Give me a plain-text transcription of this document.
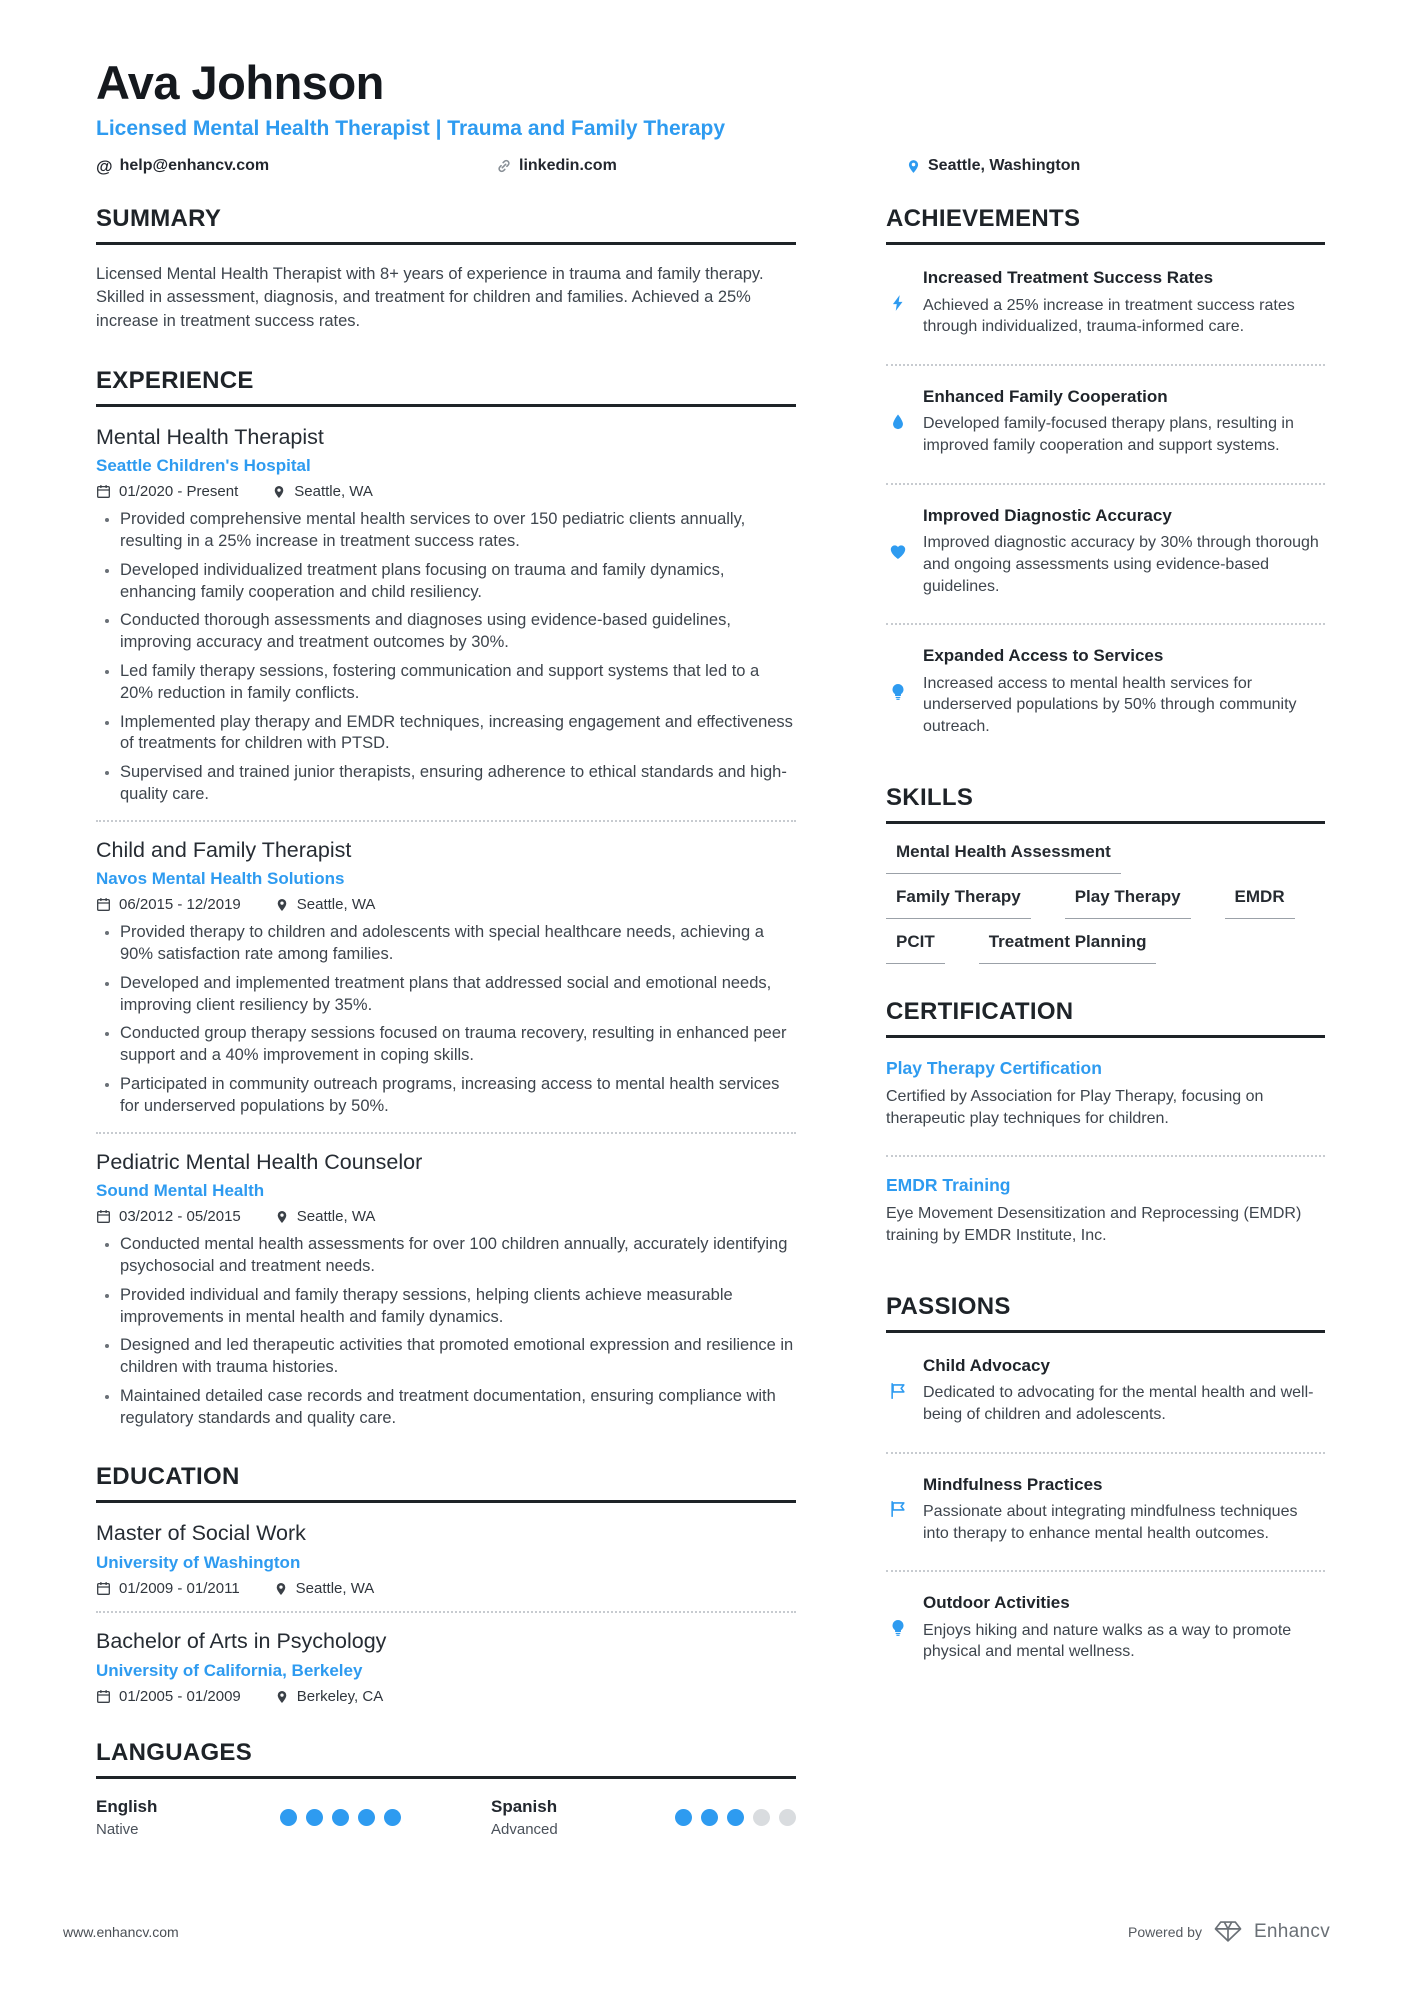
Ava Johnson
Licensed Mental Health Therapist | Trauma and Family Therapy
@ help@enhancv.com	linkedin.com	Seattle, Washington
SUMMARY

Licensed Mental Health Therapist with 8+ years of experience in trauma and family therapy. Skilled in assessment, diagnosis, and treatment for children and families. Achieved a 25% increase in treatment success rates.

EXPERIENCE
Mental Health Therapist
Seattle Children's Hospital
01/2020 - Present	Seattle, WA
• Provided comprehensive mental health services to over 150 pediatric clients annually, resulting in a 25% increase in treatment success rates.
• Developed individualized treatment plans focusing on trauma and family dynamics, enhancing family cooperation and child resiliency.
• Conducted thorough assessments and diagnoses using evidence-based guidelines, improving accuracy and treatment outcomes by 30%.
• Led family therapy sessions, fostering communication and support systems that led to a 20% reduction in family conflicts.
• Implemented play therapy and EMDR techniques, increasing engagement and effectiveness of treatments for children with PTSD.
• Supervised and trained junior therapists, ensuring adherence to ethical standards and high-quality care.
Child and Family Therapist
Navos Mental Health Solutions
06/2015 - 12/2019	Seattle, WA
• Provided therapy to children and adolescents with special healthcare needs, achieving a 90% satisfaction rate among families.
• Developed and implemented treatment plans that addressed social and emotional needs, improving client resiliency by 35%.
• Conducted group therapy sessions focused on trauma recovery, resulting in enhanced peer support and a 40% improvement in coping skills.
• Participated in community outreach programs, increasing access to mental health services for underserved populations by 50%.
Pediatric Mental Health Counselor
Sound Mental Health
03/2012 - 05/2015	Seattle, WA
• Conducted mental health assessments for over 100 children annually, accurately identifying psychosocial and treatment needs.
• Provided individual and family therapy sessions, helping clients achieve measurable improvements in mental health and family dynamics.
• Designed and led therapeutic activities that promoted emotional expression and resilience in children with trauma histories.
• Maintained detailed case records and treatment documentation, ensuring compliance with regulatory standards and quality care.
EDUCATION
Master of Social Work
University of Washington
01/2009 - 01/2011	Seattle, WA
Bachelor of Arts in Psychology
University of California, Berkeley
01/2005 - 01/2009	Berkeley, CA
LANGUAGES
English
Native
Spanish
Advanced
ACHIEVEMENTS
Increased Treatment Success Rates
Achieved a 25% increase in treatment success rates through individualized, trauma-informed care.
Enhanced Family Cooperation
Developed family-focused therapy plans, resulting in improved family cooperation and support systems.
Improved Diagnostic Accuracy
Improved diagnostic accuracy by 30% through thorough and ongoing assessments using evidence-based guidelines.
Expanded Access to Services
Increased access to mental health services for underserved populations by 50% through community outreach.
SKILLS
Mental Health Assessment
Family Therapy	Play Therapy	EMDR
PCIT	Treatment Planning
CERTIFICATION
Play Therapy Certification
Certified by Association for Play Therapy, focusing on therapeutic play techniques for children.
EMDR Training
Eye Movement Desensitization and Reprocessing (EMDR) training by EMDR Institute, Inc.
PASSIONS
Child Advocacy
Dedicated to advocating for the mental health and well-being of children and adolescents.
Mindfulness Practices
Passionate about integrating mindfulness techniques into therapy to enhance mental health outcomes.
Outdoor Activities
Enjoys hiking and nature walks as a way to promote physical and mental wellness.
www.enhancv.com	Powered by	Enhancv
